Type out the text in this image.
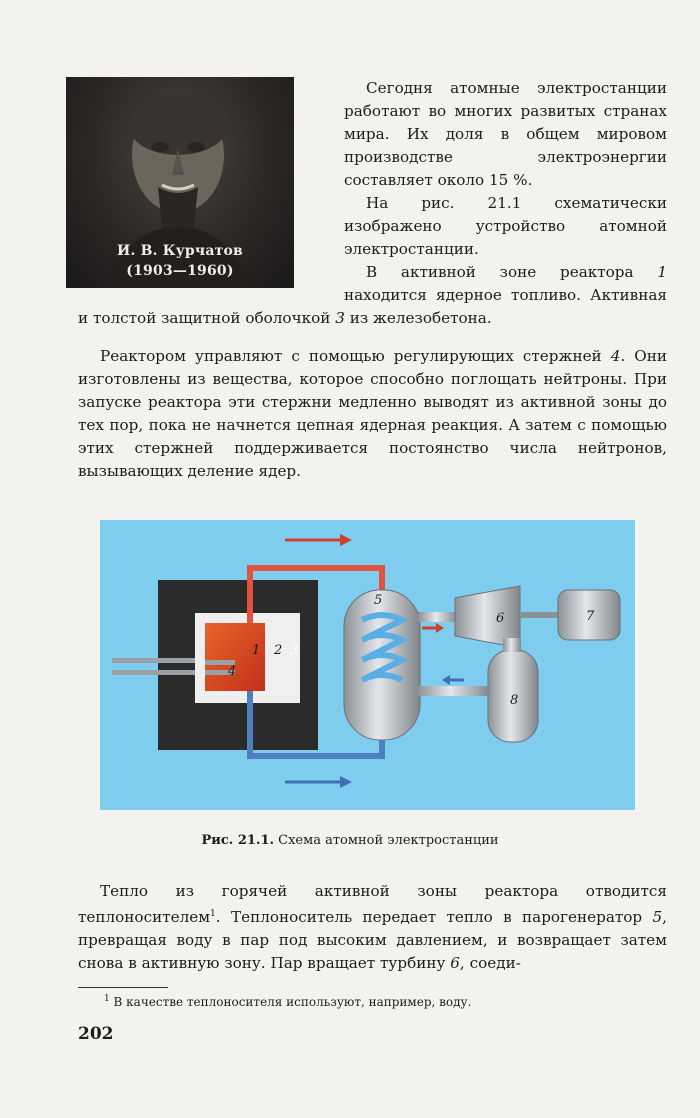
И. В. Курчатов
(1903—1960)

Сегодня атомные электростанции работают во многих развитых странах мира. Их доля в общем мировом производстве электроэнергии составляет около 15 %.

На рис. 21.1 схематически изображено устройство атомной электростанции.

В активной зоне реактора 1 находится ядерное топливо. Активная

Реактором управляют с помощью регулирующих стержней 4. Они изготовлены из вещества, которое способно поглощать нейтроны. При запуске реактора эти стержни медленно выводят из активной зоны до тех пор, пока не начнется цепная ядерная реакция. А затем с помощью этих стержней поддерживается постоянство числа нейтронов, вызывающих деление ядер.

и толстой защитной оболочкой 3 из железобетона.

1 2 3
4
5
6	7
8
Рис. 21.1. Схема атомной электростанции

Тепло из горячей активной зоны реактора отводится теплоносителем$^1$. Теплоноситель передает тепло в парогенератор 5, превращая воду в пар под высоким давлением, и возвращает затем снова в активную зону. Пар вращает турбину 6, соеди-

$^1$ В качестве теплоносителя используют, например, воду.
202
